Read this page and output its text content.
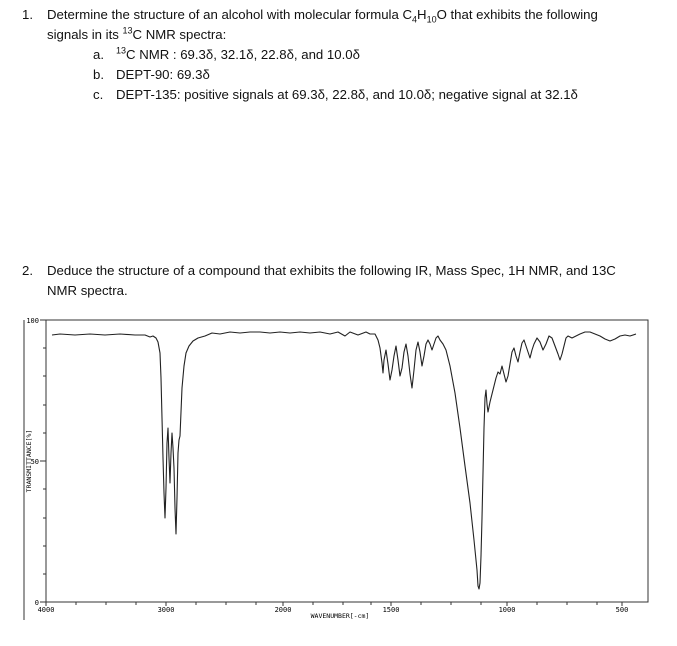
1.	Determine the structure of an alcohol with molecular formula $C_4H_{10}O$ that exhibits the following
signals in its $^{13}$C NMR spectra:
a.	$^{13}$C NMR : 69.3δ, 32.1δ, 22.8δ, and 10.0δ
b. DEPT-90: 69.3δ
c. DEPT-135: positive signals at 69.3δ, 22.8δ, and 10.0δ; negative signal at 32.1δ
2.	Deduce the structure of a compound that exhibits the following IR, Mass Spec, 1H NMR, and 13C
NMR spectra.
100
50
0
4000	3000	2000	1500	1000	500
WAVENUMBER[-cm]
TRANSMITTANCE[%]
